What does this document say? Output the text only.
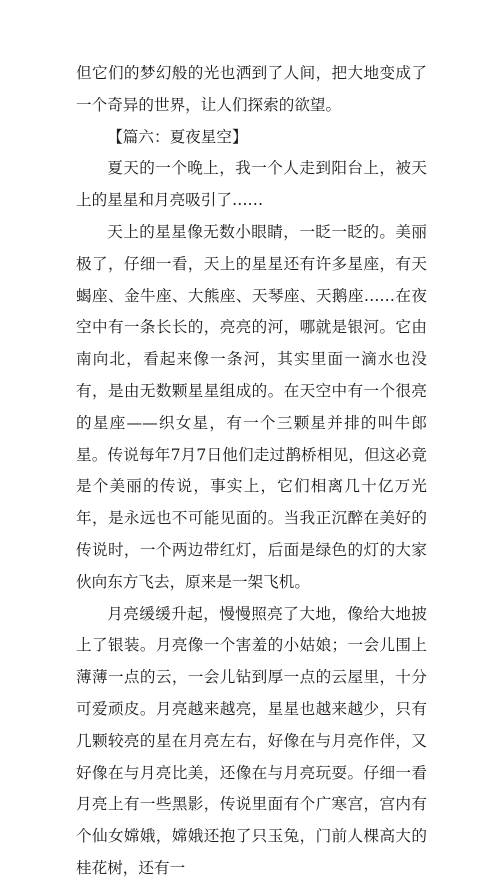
但它们的梦幻般的光也洒到了人间，把大地变成了一个奇异的世界，让人们探索的欲望。

【篇六：夏夜星空】

夏天的一个晚上，我一个人走到阳台上，被天上的星星和月亮吸引了……

天上的星星像无数小眼睛，一眨一眨的。美丽极了，仔细一看，天上的星星还有许多星座，有天蝎座、金牛座、大熊座、天琴座、天鹅座……在夜空中有一条长长的，亮亮的河，哪就是银河。它由南向北，看起来像一条河，其实里面一滴水也没有，是由无数颗星星组成的。在天空中有一个很亮的星座——织女星，有一个三颗星并排的叫牛郎星。传说每年7月7日他们走过鹊桥相见，但这必竟是个美丽的传说，事实上，它们相离几十亿万光年，是永远也不可能见面的。当我正沉醉在美好的传说时，一个两边带红灯，后面是绿色的灯的大家伙向东方飞去，原来是一架飞机。

月亮缓缓升起，慢慢照亮了大地，像给大地披上了银装。月亮像一个害羞的小姑娘；一会儿围上薄薄一点的云，一会儿钻到厚一点的云屋里，十分可爱顽皮。月亮越来越亮，星星也越来越少，只有几颗较亮的星在月亮左右，好像在与月亮作伴，又好像在与月亮比美，还像在与月亮玩耍。仔细一看月亮上有一些黑影，传说里面有个广寒宫，宫内有个仙女嫦娥，嫦娥还抱了只玉兔，门前人棵高大的桂花树，还有一
